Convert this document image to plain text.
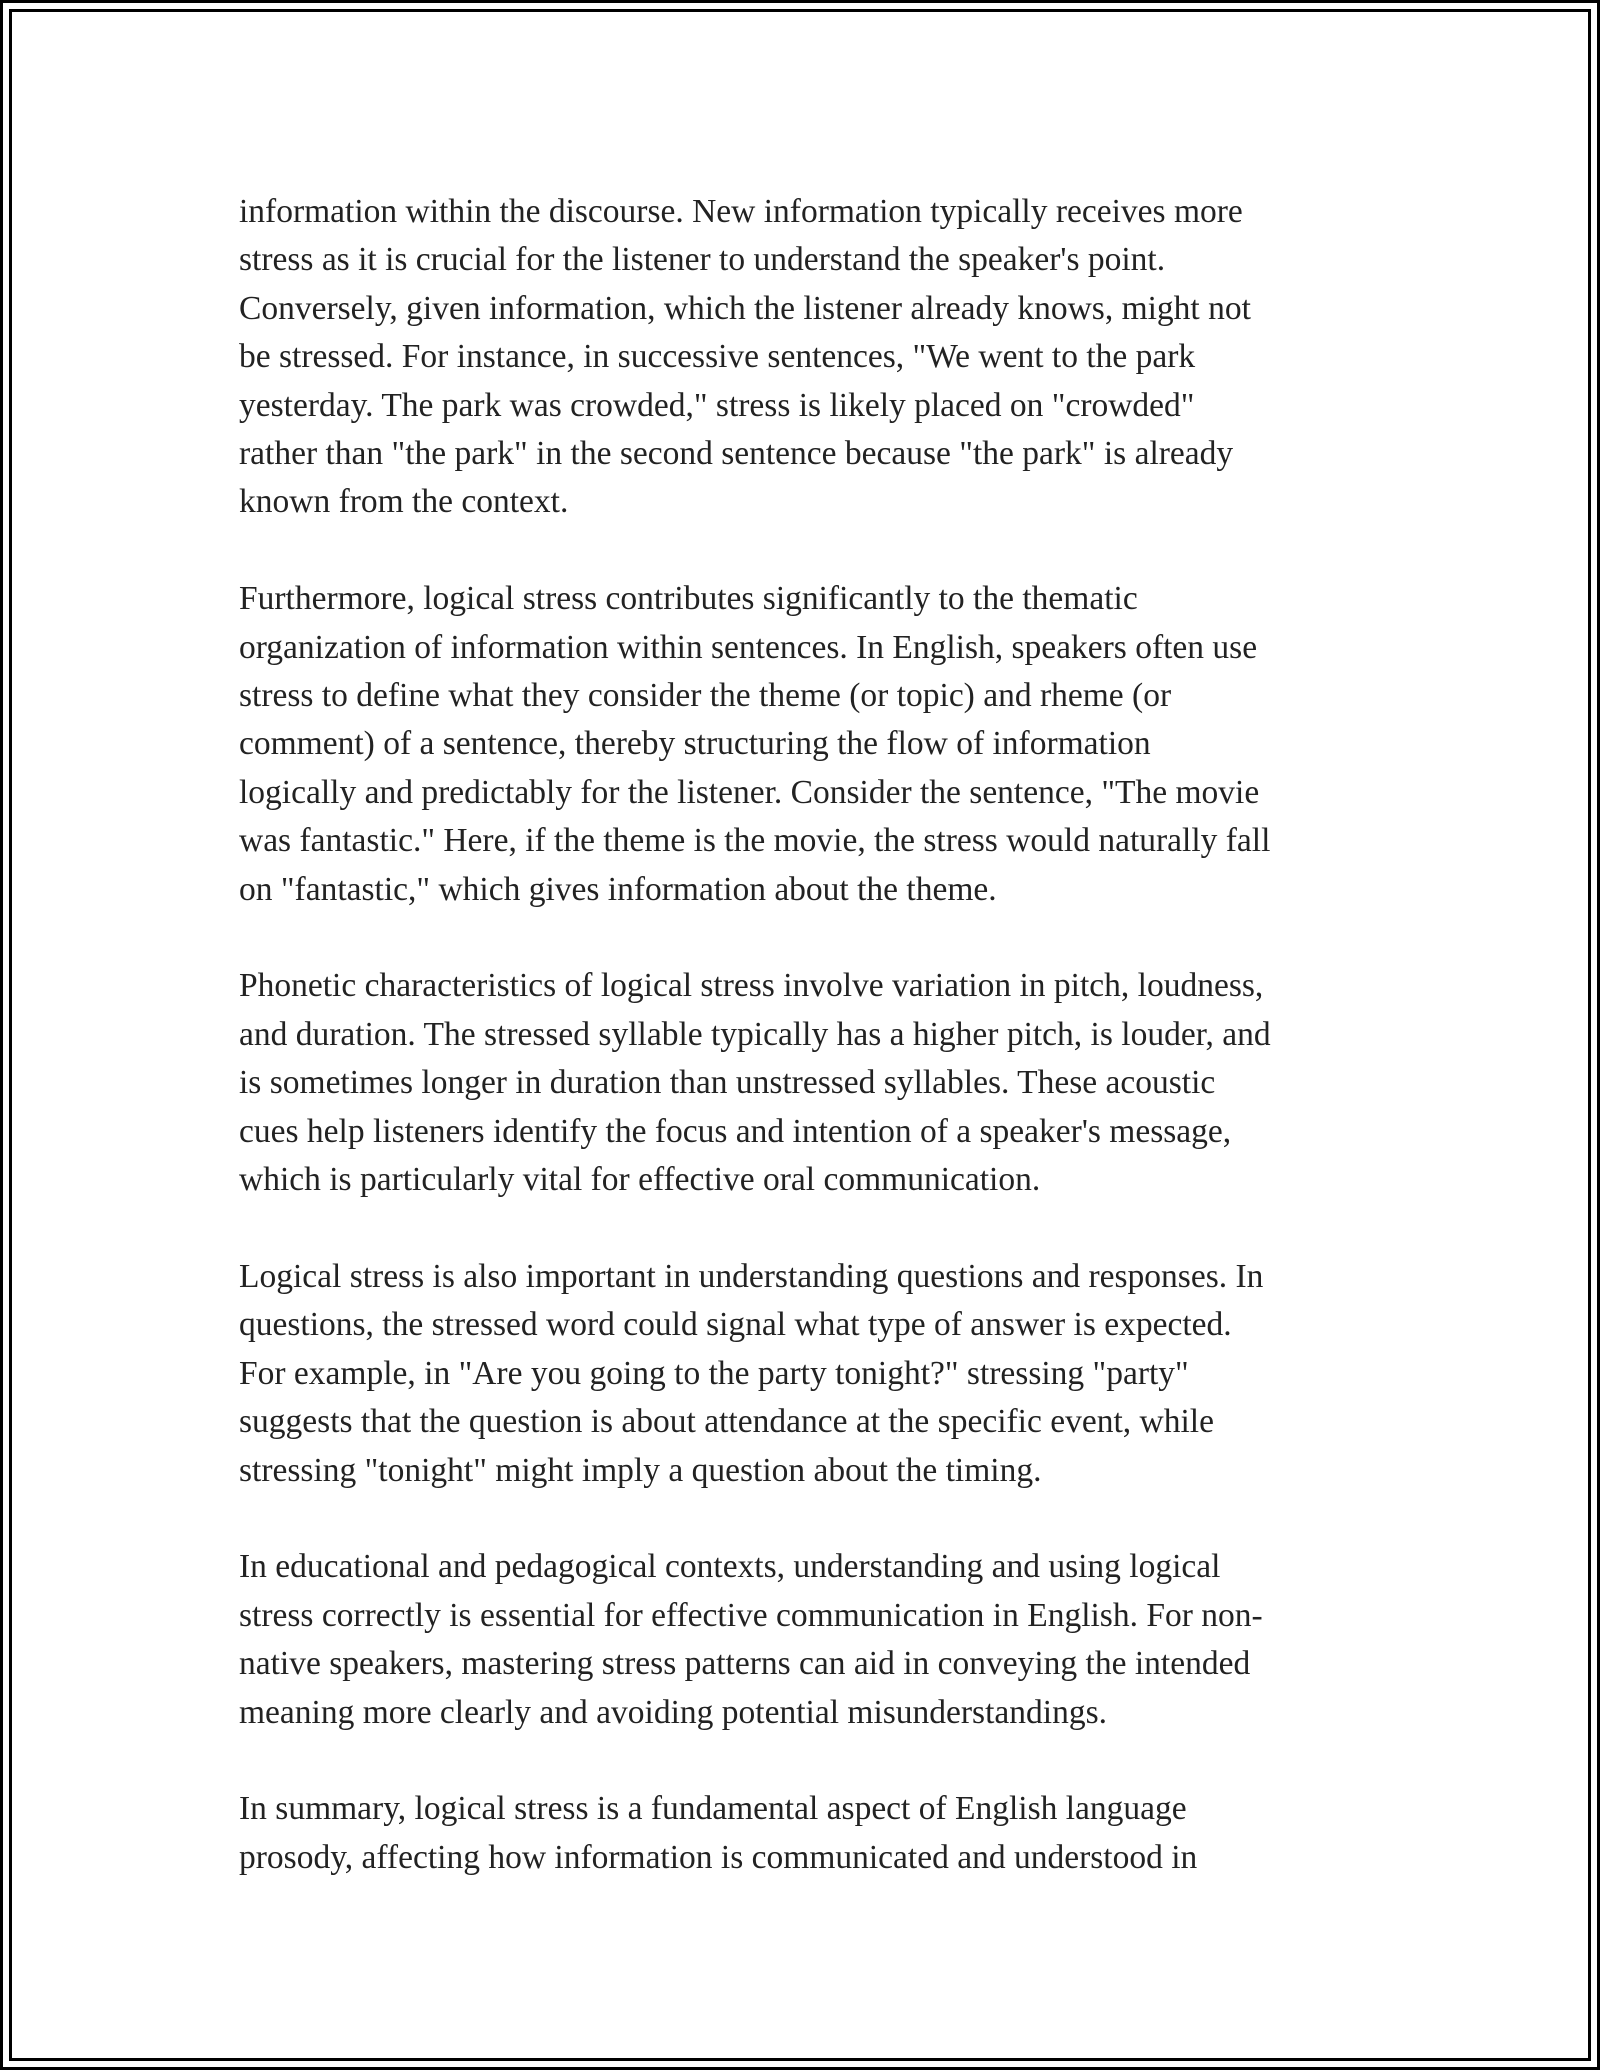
information within the discourse. New information typically receives more
stress as it is crucial for the listener to understand the speaker's point.
Conversely, given information, which the listener already knows, might not
be stressed. For instance, in successive sentences, "We went to the park
yesterday. The park was crowded," stress is likely placed on "crowded"
rather than "the park" in the second sentence because "the park" is already
known from the context.

Furthermore, logical stress contributes significantly to the thematic
organization of information within sentences. In English, speakers often use
stress to define what they consider the theme (or topic) and rheme (or
comment) of a sentence, thereby structuring the flow of information
logically and predictably for the listener. Consider the sentence, "The movie
was fantastic." Here, if the theme is the movie, the stress would naturally fall
on "fantastic," which gives information about the theme.

Phonetic characteristics of logical stress involve variation in pitch, loudness,
and duration. The stressed syllable typically has a higher pitch, is louder, and
is sometimes longer in duration than unstressed syllables. These acoustic
cues help listeners identify the focus and intention of a speaker's message,
which is particularly vital for effective oral communication.

Logical stress is also important in understanding questions and responses. In
questions, the stressed word could signal what type of answer is expected.
For example, in "Are you going to the party tonight?" stressing "party"
suggests that the question is about attendance at the specific event, while
stressing "tonight" might imply a question about the timing.

In educational and pedagogical contexts, understanding and using logical
stress correctly is essential for effective communication in English. For non-
native speakers, mastering stress patterns can aid in conveying the intended
meaning more clearly and avoiding potential misunderstandings.

In summary, logical stress is a fundamental aspect of English language
prosody, affecting how information is communicated and understood in
